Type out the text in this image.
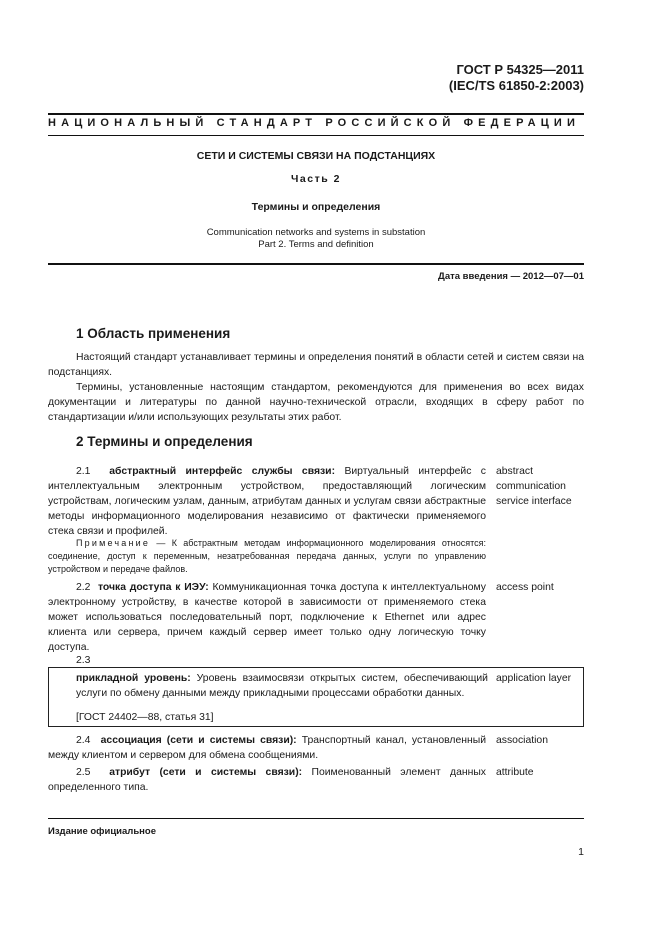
ГОСТ Р 54325—2011
(IEC/TS 61850-2:2003)
НАЦИОНАЛЬНЫЙ СТАНДАРТ РОССИЙСКОЙ ФЕДЕРАЦИИ
СЕТИ И СИСТЕМЫ СВЯЗИ НА ПОДСТАНЦИЯХ
Часть 2
Термины и определения
Communication networks and systems in substation
Part 2. Terms and definition
Дата введения — 2012—07—01
1 Область применения
Настоящий стандарт устанавливает термины и определения понятий в области сетей и систем связи на подстанциях.
Термины, установленные настоящим стандартом, рекомендуются для применения во всех видах документации и литературы по данной научно-технической отрасли, входящих в сферу работ по стандартизации и/или использующих результаты этих работ.
2 Термины и определения
2.1 абстрактный интерфейс службы связи: Виртуальный интерфейс с интеллектуальным электронным устройством, предоставляющий логическим устройствам, логическим узлам, данным, атрибутам данных и услугам связи абстрактные методы информационного моделирования независимо от фактически применяемого стека связи и профилей.
abstract communication service interface
Примечание — К абстрактным методам информационного моделирования относятся: соединение, доступ к переменным, незатребованная передача данных, услуги по управлению устройством и передаче файлов.
2.2 точка доступа к ИЭУ: Коммуникационная точка доступа к интеллектуальному электронному устройству, в качестве которой в зависимости от применяемого стека может использоваться последовательный порт, подключение к Ethernet или адрес клиента или сервера, причем каждый сервер имеет только одну логическую точку доступа.
access point
2.3
прикладной уровень: Уровень взаимосвязи открытых систем, обеспечивающий услуги по обмену данными между прикладными процессами обработки данных.
[ГОСТ 24402—88, статья 31]
application layer
2.4 ассоциация (сети и системы связи): Транспортный канал, установленный между клиентом и сервером для обмена сообщениями.
association
2.5 атрибут (сети и системы связи): Поименованный элемент данных определенного типа.
attribute
Издание официальное
1
